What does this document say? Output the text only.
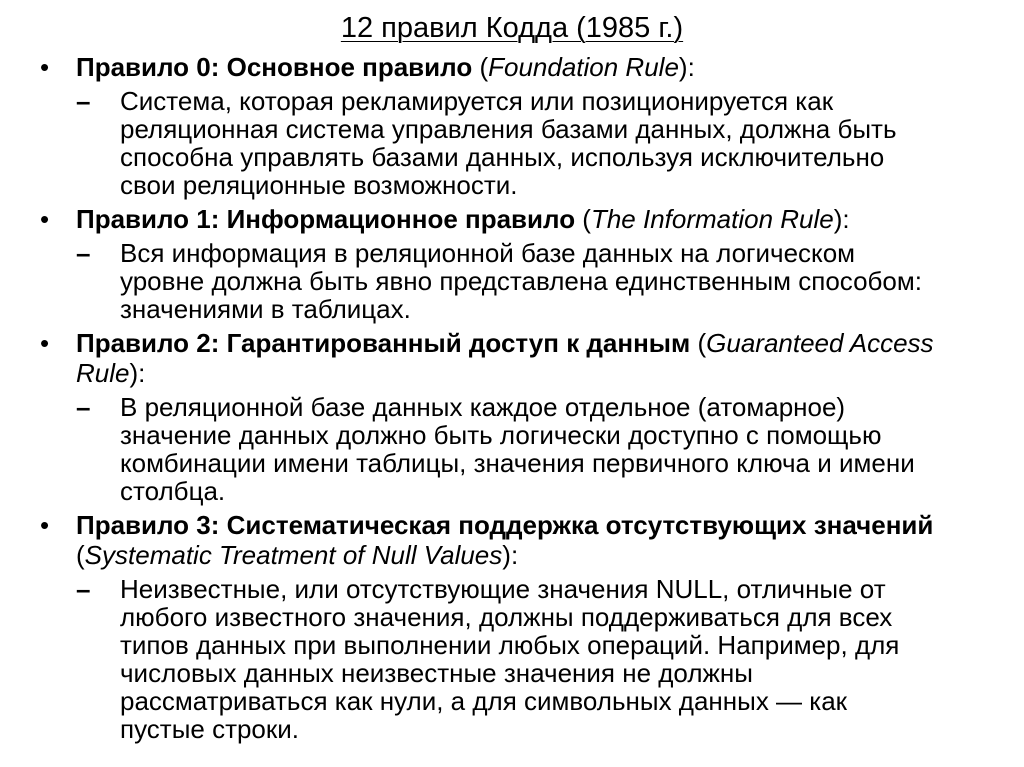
12 правил Кодда (1985 г.)
• Правило 0: Основное правило (Foundation Rule):
– Система, которая рекламируется или позиционируется как
реляционная система управления базами данных, должна быть
способна управлять базами данных, используя исключительно
свои реляционные возможности.

• Правило 1: Информационное правило (The Information Rule):
– Вся информация в реляционной базе данных на логическом
уровне должна быть явно представлена единственным способом:
значениями в таблицах.

• Правило 2: Гарантированный доступ к данным (Guaranteed Access Rule):
– В реляционной базе данных каждое отдельное (атомарное)
значение данных должно быть логически доступно с помощью
комбинации имени таблицы, значения первичного ключа и имени
столбца.

• Правило 3: Систематическая поддержка отсутствующих значений (Systematic Treatment of Null Values):
– Неизвестные, или отсутствующие значения NULL, отличные от
любого известного значения, должны поддерживаться для всех
типов данных при выполнении любых операций. Например, для
числовых данных неизвестные значения не должны
рассматриваться как нули, а для символьных данных — как
пустые строки.
